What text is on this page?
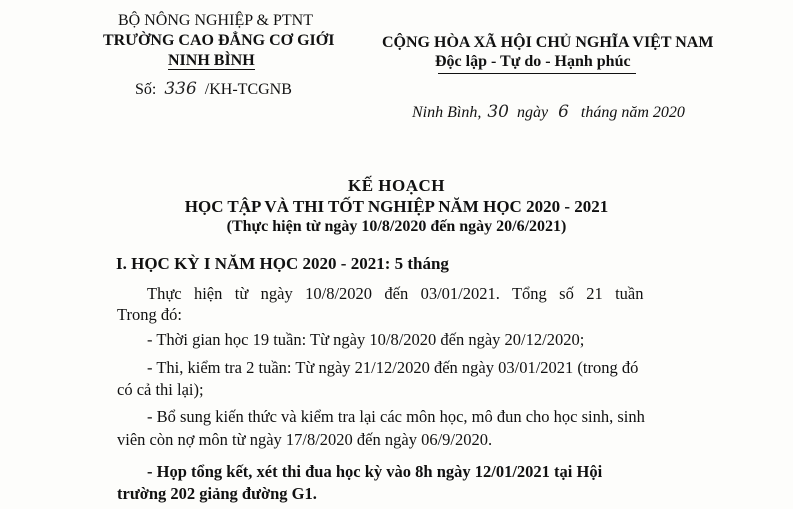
BỘ NÔNG NGHIỆP & PTNT
TRƯỜNG CAO ĐẲNG CƠ GIỚI
NINH BÌNH
Số: 336 /KH-TCGNB
CỘNG HÒA XÃ HỘI CHỦ NGHĨA VIỆT NAM
Độc lập - Tự do - Hạnh phúc
Ninh Bình, 30 ngày 6 tháng năm 2020
KẾ HOẠCH
HỌC TẬP VÀ THI TỐT NGHIỆP NĂM HỌC 2020 - 2021
(Thực hiện từ ngày 10/8/2020 đến ngày 20/6/2021)
I. HỌC KỲ I NĂM HỌC 2020 - 2021: 5 tháng
Thực   hiện   từ   ngày   10/8/2020   đến   03/01/2021.   Tổng   số   21   tuần
Trong đó:
- Thời gian học 19 tuần: Từ ngày 10/8/2020 đến ngày 20/12/2020;
- Thi, kiểm tra 2 tuần: Từ ngày 21/12/2020 đến ngày 03/01/2021 (trong đó
có cả thi lại);
- Bổ sung kiến thức và kiểm tra lại các môn học, mô đun cho học sinh, sinh
viên còn nợ môn từ ngày 17/8/2020 đến ngày 06/9/2020.
- Họp tổng kết, xét thi đua học kỳ vào 8h ngày 12/01/2021 tại Hội
trường 202 giảng đường G1.
